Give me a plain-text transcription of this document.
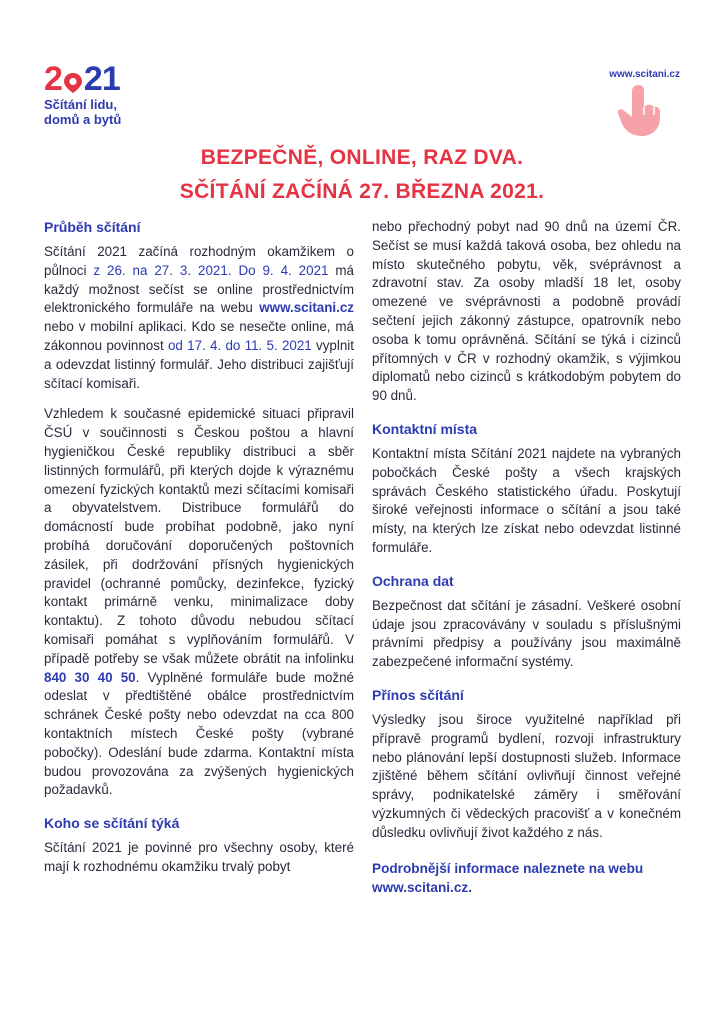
2 21
Sčítání lidu,
domů a bytů
www.scitani.cz
BEZPEČNĚ, ONLINE, RAZ DVA.
SČÍTÁNÍ ZAČÍNÁ 27. BŘEZNA 2021.
Průběh sčítání

Sčítání 2021 začíná rozhodným okamžikem o půlnoci z 26. na 27. 3. 2021. Do 9. 4. 2021 má každý možnost sečíst se online prostřednictvím elektronického formuláře na webu www.scitani.cz nebo v mobilní aplikaci. Kdo se nesečte online, má zákonnou povinnost od 17. 4. do 11. 5. 2021 vyplnit a odevzdat listinný formulář. Jeho distribuci zajišťují sčítací komisaři.

Vzhledem k současné epidemické situaci připravil ČSÚ v součinnosti s Českou poštou a hlavní hygieničkou České republiky distribuci a sběr listinných formulářů, při kterých dojde k výraznému omezení fyzických kontaktů mezi sčítacími komisaři a obyvatelstvem. Distribuce formulářů do domácností bude probíhat podobně, jako nyní probíhá doručování doporučených poštovních zásilek, při dodržování přísných hygienických pravidel (ochranné pomůcky, dezinfekce, fyzický kontakt primárně venku, minimalizace doby kontaktu). Z tohoto důvodu nebudou sčítací komisaři pomáhat s vyplňováním formulářů. V případě potřeby se však můžete obrátit na infolinku 840 30 40 50. Vyplněné formuláře bude možné odeslat v předtištěné obálce prostřednictvím schránek České pošty nebo odevzdat na cca 800 kontaktních místech České pošty (vybrané pobočky). Odeslání bude zdarma. Kontaktní místa budou provozována za zvýšených hygienických požadavků.

Koho se sčítání týká

Sčítání 2021 je povinné pro všechny osoby, které mají k rozhodnému okamžiku trvalý pobyt

nebo přechodný pobyt nad 90 dnů na území ČR. Sečíst se musí každá taková osoba, bez ohledu na místo skutečného pobytu, věk, svéprávnost a zdravotní stav. Za osoby mladší 18 let, osoby omezené ve svéprávnosti a podobně provádí sečtení jejich zákonný zástupce, opatrovník nebo osoba k tomu oprávněná. Sčítání se týká i cizinců přítomných v ČR v rozhodný okamžik, s výjimkou diplomatů nebo cizinců s krátkodobým pobytem do 90 dnů.

Kontaktní místa

Kontaktní místa Sčítání 2021 najdete na vybraných pobočkách České pošty a všech krajských správách Českého statistického úřadu. Poskytují široké veřejnosti informace o sčítání a jsou také místy, na kterých lze získat nebo odevzdat listinné formuláře.

Ochrana dat

Bezpečnost dat sčítání je zásadní. Veškeré osobní údaje jsou zpracovávány v souladu s příslušnými právními předpisy a používány jsou maximálně zabezpečené informační systémy.

Přínos sčítání

Výsledky jsou široce využitelné například při přípravě programů bydlení, rozvoji infrastruktury nebo plánování lepší dostupnosti služeb. Informace zjištěné během sčítání ovlivňují činnost veřejné správy, podnikatelské záměry i směřování výzkumných či vědeckých pracovišť a v konečném důsledku ovlivňují život každého z nás.

Podrobnější informace naleznete na webu
www.scitani.cz.
